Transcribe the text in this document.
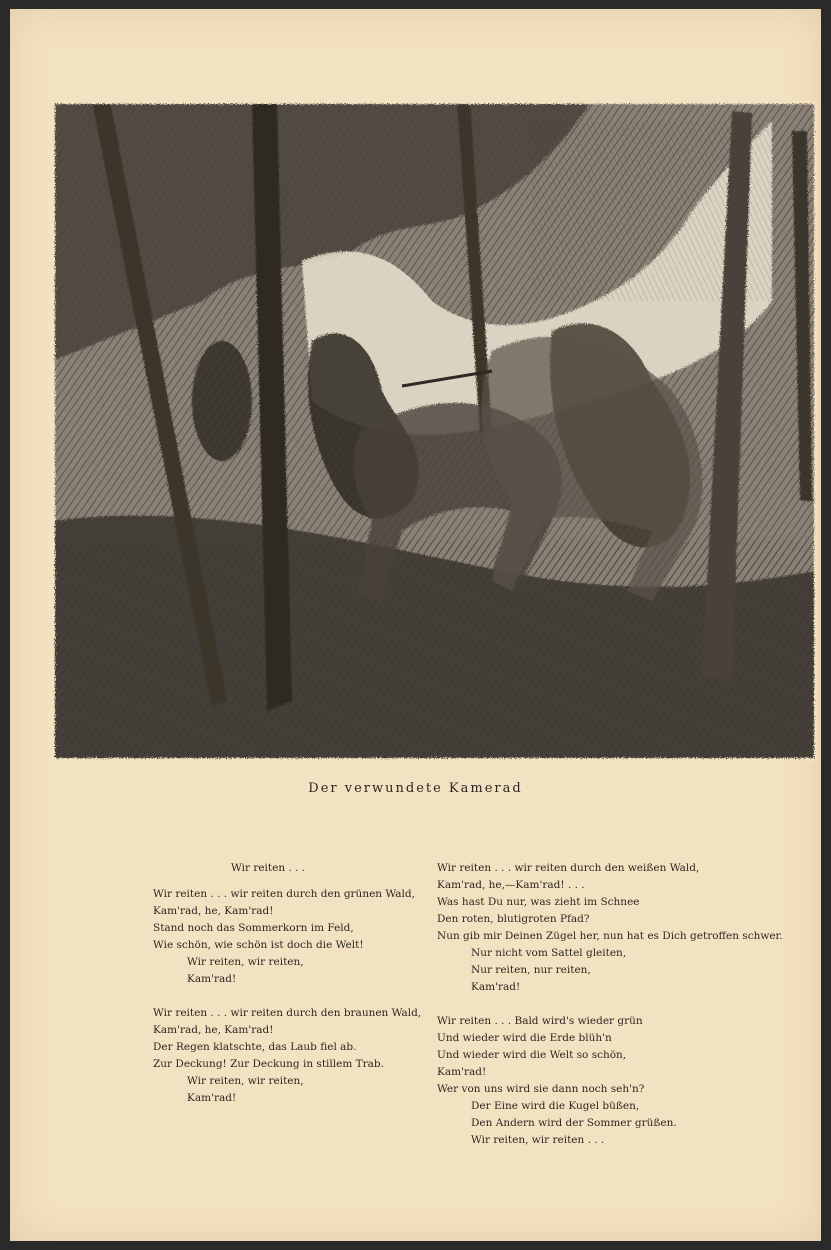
Der verwundete Kamerad
Wir reiten . . .
Wir reiten . . . wir reiten durch den grünen Wald,
Kam'rad, he, Kam'rad!
Stand noch das Sommerkorn im Feld,
Wie schön, wie schön ist doch die Welt!
Wir reiten, wir reiten,
Kam'rad!
Wir reiten . . . wir reiten durch den braunen Wald,
Kam'rad, he, Kam'rad!
Der Regen klatschte, das Laub fiel ab.
Zur Deckung! Zur Deckung in stillem Trab.
Wir reiten, wir reiten,
Kam'rad!
Wir reiten . . . wir reiten durch den weißen Wald,
Kam'rad, he,—Kam'rad! . . .
Was hast Du nur, was zieht im Schnee
Den roten, blutigroten Pfad?
Nun gib mir Deinen Zügel her, nun hat es Dich getroffen schwer.
Nur nicht vom Sattel gleiten,
Nur reiten, nur reiten,
Kam'rad!
Wir reiten . . . Bald wird's wieder grün
Und wieder wird die Erde blüh'n
Und wieder wird die Welt so schön,
Kam'rad!
Wer von uns wird sie dann noch seh'n?
Der Eine wird die Kugel büßen,
Den Andern wird der Sommer grüßen.
Wir reiten, wir reiten . . .
